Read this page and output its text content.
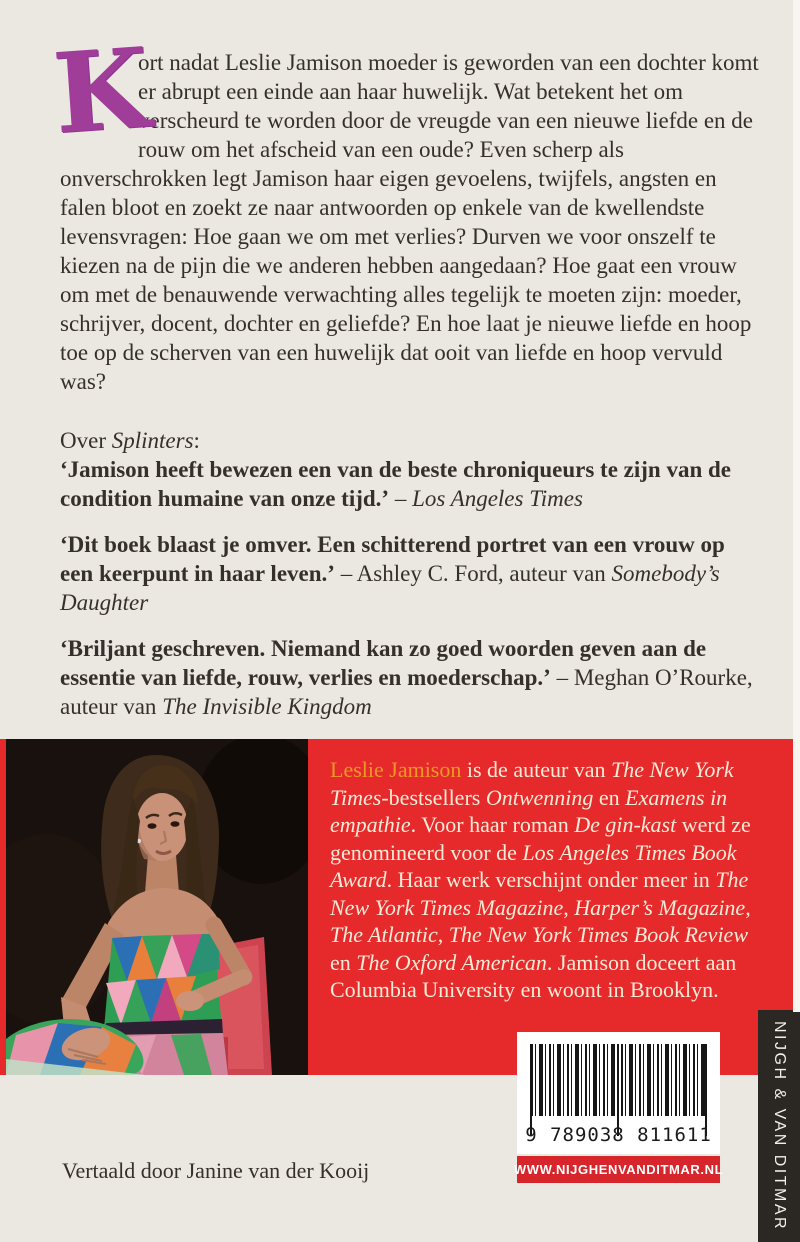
K
ort nadat Leslie Jamison moeder is geworden van een dochter komt er abrupt een einde aan haar huwelijk. Wat betekent het om verscheurd te worden door de vreugde van een nieuwe liefde en de rouw om het afscheid van een oude? Even scherp als onverschrokken legt Jamison haar eigen gevoelens, twijfels, angsten en falen bloot en zoekt ze naar antwoorden op enkele van de kwellendste levensvragen: Hoe gaan we om met verlies? Durven we voor onszelf te kiezen na de pijn die we anderen hebben aangedaan? Hoe gaat een vrouw om met de benauwende verwachting alles tegelijk te moeten zijn: moeder, schrijver, docent, dochter en geliefde? En hoe laat je nieuwe liefde en hoop toe op de scherven van een huwelijk dat ooit van liefde en hoop vervuld was?

Over Splinters:

‘Jamison heeft bewezen een van de beste chroniqueurs te zijn van de condition humaine van onze tijd.’ – Los Angeles Times

‘Dit boek blaast je omver. Een schitterend portret van een vrouw op een keerpunt in haar leven.’ – Ashley C. Ford, auteur van Somebody’s Daughter

‘Briljant geschreven. Niemand kan zo goed woorden geven aan de essentie van liefde, rouw, verlies en moederschap.’ – Meghan O’Rourke, auteur van The Invisible Kingdom

Leslie Jamison is de auteur van The New York Times-bestsellers Ontwenning en Examens in empathie. Voor haar roman De gin-kast werd ze genomineerd voor de Los Angeles Times Book Award. Haar werk verschijnt onder meer in The New York Times Magazine, Harper’s Magazine, The Atlantic, The New York Times Book Review en The Oxford American. Jamison doceert aan Columbia University en woont in Brooklyn.
9 789038 811611
WWW.NIJGHENVANDITMAR.NL	NIJGH & VAN DITMAR
Vertaald door Janine van der Kooij
